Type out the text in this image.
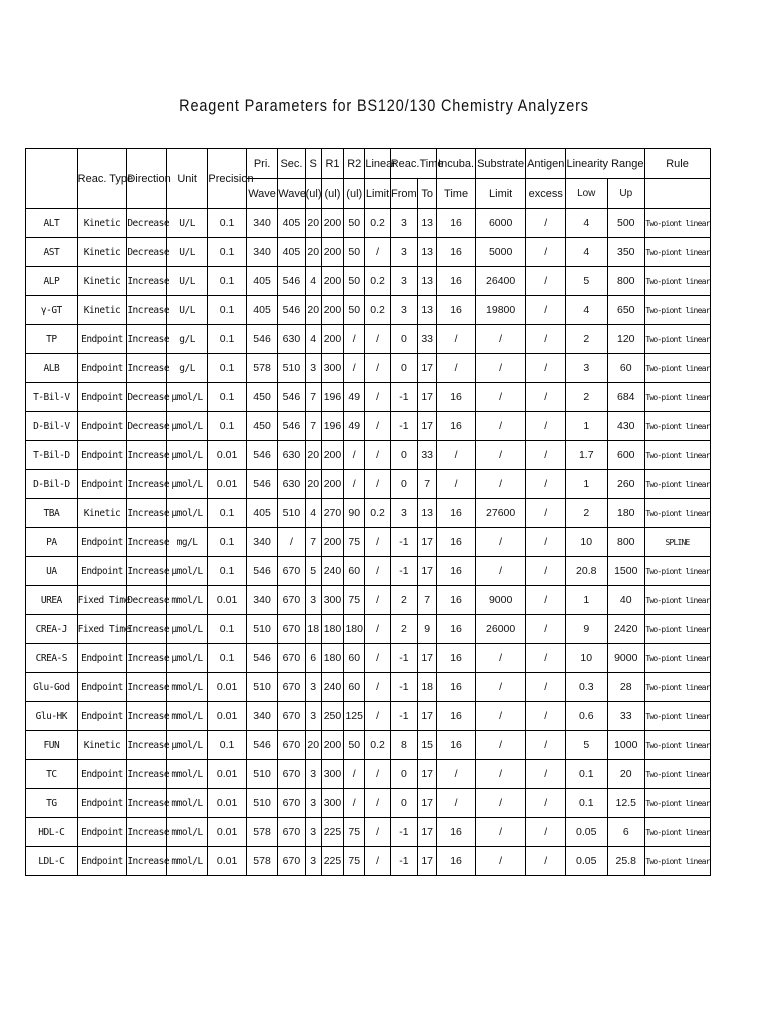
Reagent Parameters for BS120/130 Chemistry Analyzers
	Reac. Type	Direction	Unit	Precision	Pri.	Sec.	S	R1	R2	Linear	Reac.Time		Incuba.	Substrate	Antigen	Linearity Range		Rule
					Wave	Wave	(ul)	(ul)	(ul)	Limit	From	To	Time	Limit	excess	Low	Up	
ALT	Kinetic	Decrease	U/L	0.1	340	405	20	200	50	0.2	3	13	16	6000	/	4	500	Two-piont linear
AST	Kinetic	Decrease	U/L	0.1	340	405	20	200	50	/	3	13	16	5000	/	4	350	Two-piont linear
ALP	Kinetic	Increase	U/L	0.1	405	546	4	200	50	0.2	3	13	16	26400	/	5	800	Two-piont linear
γ-GT	Kinetic	Increase	U/L	0.1	405	546	20	200	50	0.2	3	13	16	19800	/	4	650	Two-piont linear
TP	Endpoint	Increase	g/L	0.1	546	630	4	200	/	/	0	33	/	/	/	2	120	Two-piont linear
ALB	Endpoint	Increase	g/L	0.1	578	510	3	300	/	/	0	17	/	/	/	3	60	Two-piont linear
T-Bil-V	Endpoint	Decrease	μmol/L	0.1	450	546	7	196	49	/	-1	17	16	/	/	2	684	Two-piont linear
D-Bil-V	Endpoint	Decrease	μmol/L	0.1	450	546	7	196	49	/	-1	17	16	/	/	1	430	Two-piont linear
T-Bil-D	Endpoint	Increase	μmol/L	0.01	546	630	20	200	/	/	0	33	/	/	/	1.7	600	Two-piont linear
D-Bil-D	Endpoint	Increase	μmol/L	0.01	546	630	20	200	/	/	0	7	/	/	/	1	260	Two-piont linear
TBA	Kinetic	Increase	μmol/L	0.1	405	510	4	270	90	0.2	3	13	16	27600	/	2	180	Two-piont linear
PA	Endpoint	Increase	mg/L	0.1	340	/	7	200	75	/	-1	17	16	/	/	10	800	SPLINE
UA	Endpoint	Increase	μmol/L	0.1	546	670	5	240	60	/	-1	17	16	/	/	20.8	1500	Two-piont linear
UREA	Fixed Time	Decrease	mmol/L	0.01	340	670	3	300	75	/	2	7	16	9000	/	1	40	Two-piont linear
CREA-J	Fixed Time	Increase	μmol/L	0.1	510	670	18	180	180	/	2	9	16	26000	/	9	2420	Two-piont linear
CREA-S	Endpoint	Increase	μmol/L	0.1	546	670	6	180	60	/	-1	17	16	/	/	10	9000	Two-piont linear
Glu-God	Endpoint	Increase	mmol/L	0.01	510	670	3	240	60	/	-1	18	16	/	/	0.3	28	Two-piont linear
Glu-HK	Endpoint	Increase	mmol/L	0.01	340	670	3	250	125	/	-1	17	16	/	/	0.6	33	Two-piont linear
FUN	Kinetic	Increase	μmol/L	0.1	546	670	20	200	50	0.2	8	15	16	/	/	5	1000	Two-piont linear
TC	Endpoint	Increase	mmol/L	0.01	510	670	3	300	/	/	0	17	/	/	/	0.1	20	Two-piont linear
TG	Endpoint	Increase	mmol/L	0.01	510	670	3	300	/	/	0	17	/	/	/	0.1	12.5	Two-piont linear
HDL-C	Endpoint	Increase	mmol/L	0.01	578	670	3	225	75	/	-1	17	16	/	/	0.05	6	Two-piont linear
LDL-C	Endpoint	Increase	mmol/L	0.01	578	670	3	225	75	/	-1	17	16	/	/	0.05	25.8	Two-piont linear
